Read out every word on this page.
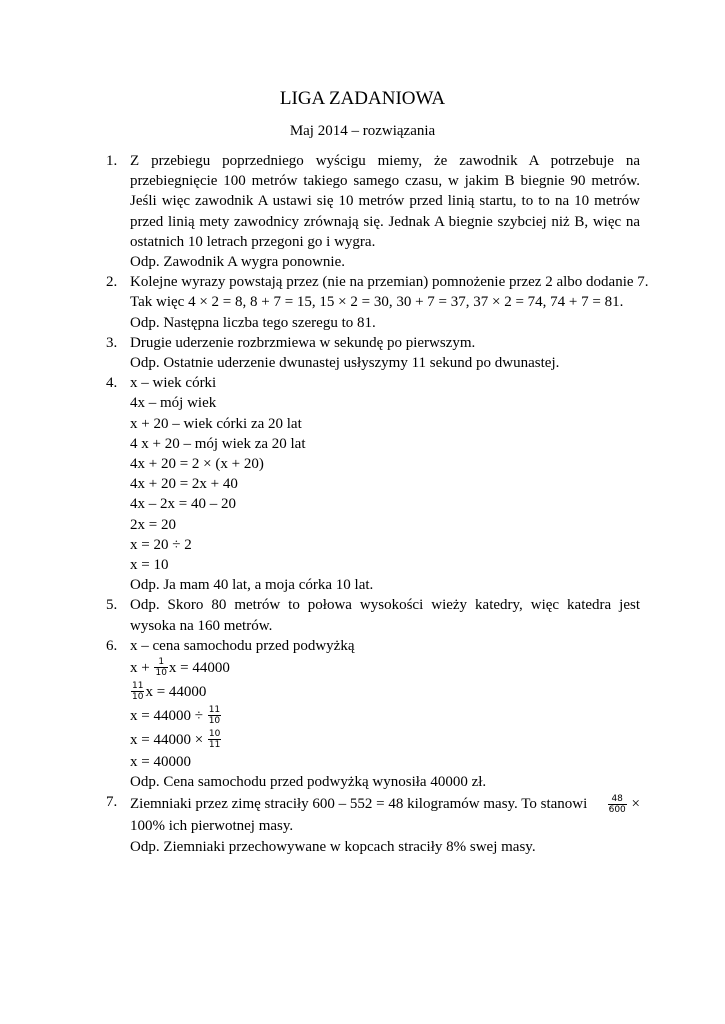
LIGA ZADANIOWA
Maj 2014 – rozwiązania
1. Z przebiegu poprzedniego wyścigu miemy, że zawodnik A potrzebuje na przebiegnięcie 100 metrów takiego samego czasu, w jakim B biegnie 90 metrów. Jeśli więc zawodnik A ustawi się 10 metrów przed linią startu, to to na 10 metrów przed linią mety zawodnicy zrównają się. Jednak A biegnie szybciej niż B, więc na ostatnich 10 letrach przegoni go i wygra.
Odp. Zawodnik A wygra ponownie.
2. Kolejne wyrazy powstają przez (nie na przemian) pomnożenie przez 2 albo dodanie 7.
Tak więc 4 × 2 = 8, 8 + 7 = 15, 15 × 2 = 30, 30 + 7 = 37, 37 × 2 = 74, 74 + 7 = 81.
Odp. Następna liczba tego szeregu to 81.
3. Drugie uderzenie rozbrzmiewa w sekundę po pierwszym.
Odp. Ostatnie uderzenie dwunastej usłyszymy 11 sekund po dwunastej.
4. x – wiek córki
4x – mój wiek
x + 20 – wiek córki za 20 lat
4 x + 20 – mój wiek za 20 lat
4x + 20 = 2 × (x + 20)
4x + 20 = 2x + 40
4x – 2x = 40 – 20
2x = 20
x = 20 ÷ 2
x = 10
Odp. Ja mam 40 lat, a moja córka 10 lat.
5. Odp. Skoro 80 metrów to połowa wysokości wieży katedry, więc katedra jest wysoka na 160 metrów.
6. x – cena samochodu przed podwyżką
$x + \frac{1}{10}$ x = 44000
$\frac{11}{10}$ x = 44000
$x = 44000 \div \frac{11}{10}$
$x = 44000 \times \frac{10}{11}$
x = 40000
Odp. Cena samochodu przed podwyżką wynosiła 40000 zł.
7. Ziemniaki przez zimę straciły 600 – 552 = 48 kilogramów masy. To stanowi $\frac{48}{600}$ ×
100% ich pierwotnej masy.
Odp. Ziemniaki przechowywane w kopcach straciły 8% swej masy.
